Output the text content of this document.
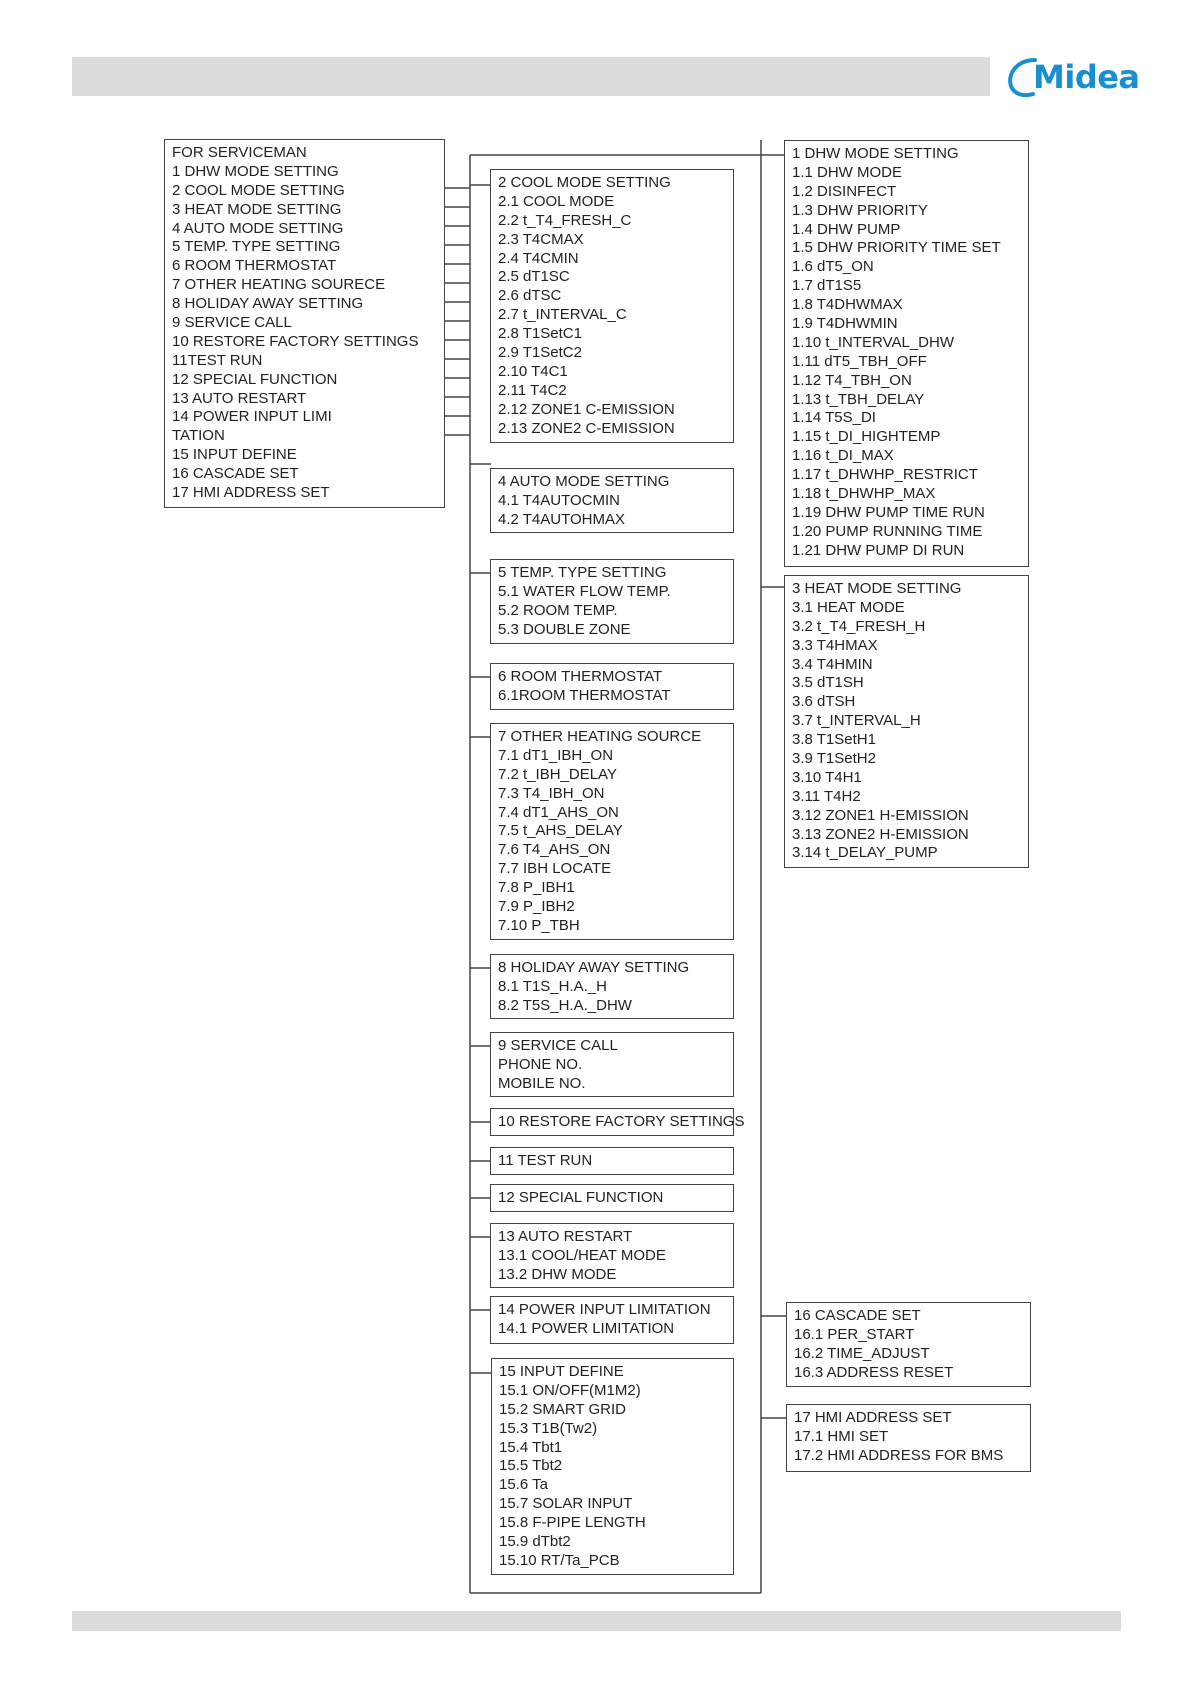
Midea
FOR SERVICEMAN
1 DHW MODE SETTING
2 COOL MODE SETTING
3 HEAT MODE SETTING
4 AUTO MODE SETTING
5 TEMP. TYPE SETTING
6 ROOM THERMOSTAT
7 OTHER HEATING SOURECE
8 HOLIDAY AWAY SETTING
9 SERVICE CALL
10 RESTORE FACTORY SETTINGS
11TEST RUN
12 SPECIAL FUNCTION
13 AUTO RESTART
14 POWER INPUT LIMI
TATION
15 INPUT DEFINE
16 CASCADE SET
17 HMI ADDRESS SET
2 COOL MODE SETTING
2.1 COOL MODE
2.2 t_T4_FRESH_C
2.3 T4CMAX
2.4 T4CMIN
2.5 dT1SC
2.6 dTSC
2.7 t_INTERVAL_C
2.8 T1SetC1
2.9 T1SetC2
2.10 T4C1
2.11 T4C2
2.12 ZONE1 C-EMISSION
2.13 ZONE2 C-EMISSION
1 DHW MODE SETTING
1.1 DHW MODE
1.2 DISINFECT
1.3 DHW PRIORITY
1.4 DHW PUMP
1.5 DHW PRIORITY TIME SET
1.6 dT5_ON
1.7 dT1S5
1.8 T4DHWMAX
1.9 T4DHWMIN
1.10 t_INTERVAL_DHW
1.11 dT5_TBH_OFF
1.12 T4_TBH_ON
1.13 t_TBH_DELAY
1.14 T5S_DI
1.15 t_DI_HIGHTEMP
1.16 t_DI_MAX
1.17 t_DHWHP_RESTRICT
1.18 t_DHWHP_MAX
1.19 DHW PUMP TIME RUN
1.20 PUMP RUNNING TIME
1.21 DHW PUMP DI RUN
4 AUTO MODE SETTING
4.1 T4AUTOCMIN
4.2 T4AUTOHMAX
5 TEMP. TYPE SETTING
5.1 WATER FLOW TEMP.
5.2 ROOM TEMP.
5.3 DOUBLE ZONE
3 HEAT MODE SETTING
3.1 HEAT MODE
3.2 t_T4_FRESH_H
3.3 T4HMAX
3.4 T4HMIN
3.5 dT1SH
3.6 dTSH
3.7 t_INTERVAL_H
3.8 T1SetH1
3.9 T1SetH2
3.10 T4H1
3.11 T4H2
3.12 ZONE1 H-EMISSION
3.13 ZONE2 H-EMISSION
3.14 t_DELAY_PUMP
6 ROOM THERMOSTAT
6.1ROOM THERMOSTAT
7 OTHER HEATING SOURCE
7.1 dT1_IBH_ON
7.2 t_IBH_DELAY
7.3 T4_IBH_ON
7.4 dT1_AHS_ON
7.5 t_AHS_DELAY
7.6 T4_AHS_ON
7.7 IBH LOCATE
7.8 P_IBH1
7.9 P_IBH2
7.10 P_TBH
8 HOLIDAY AWAY SETTING
8.1 T1S_H.A._H
8.2 T5S_H.A._DHW
9 SERVICE CALL
PHONE NO.
MOBILE NO.
10 RESTORE FACTORY SETTINGS
11 TEST RUN
12 SPECIAL FUNCTION
13 AUTO RESTART
13.1 COOL/HEAT MODE
13.2 DHW MODE
14 POWER INPUT LIMITATION
14.1 POWER LIMITATION
16 CASCADE SET
16.1 PER_START
16.2 TIME_ADJUST
16.3 ADDRESS RESET
15 INPUT DEFINE
15.1 ON/OFF(M1M2)
15.2 SMART GRID
15.3 T1B(Tw2)
15.4 Tbt1
15.5 Tbt2
15.6 Ta
15.7 SOLAR INPUT
15.8 F-PIPE LENGTH
15.9 dTbt2
15.10 RT/Ta_PCB
17 HMI ADDRESS SET
17.1 HMI SET
17.2 HMI ADDRESS FOR BMS
